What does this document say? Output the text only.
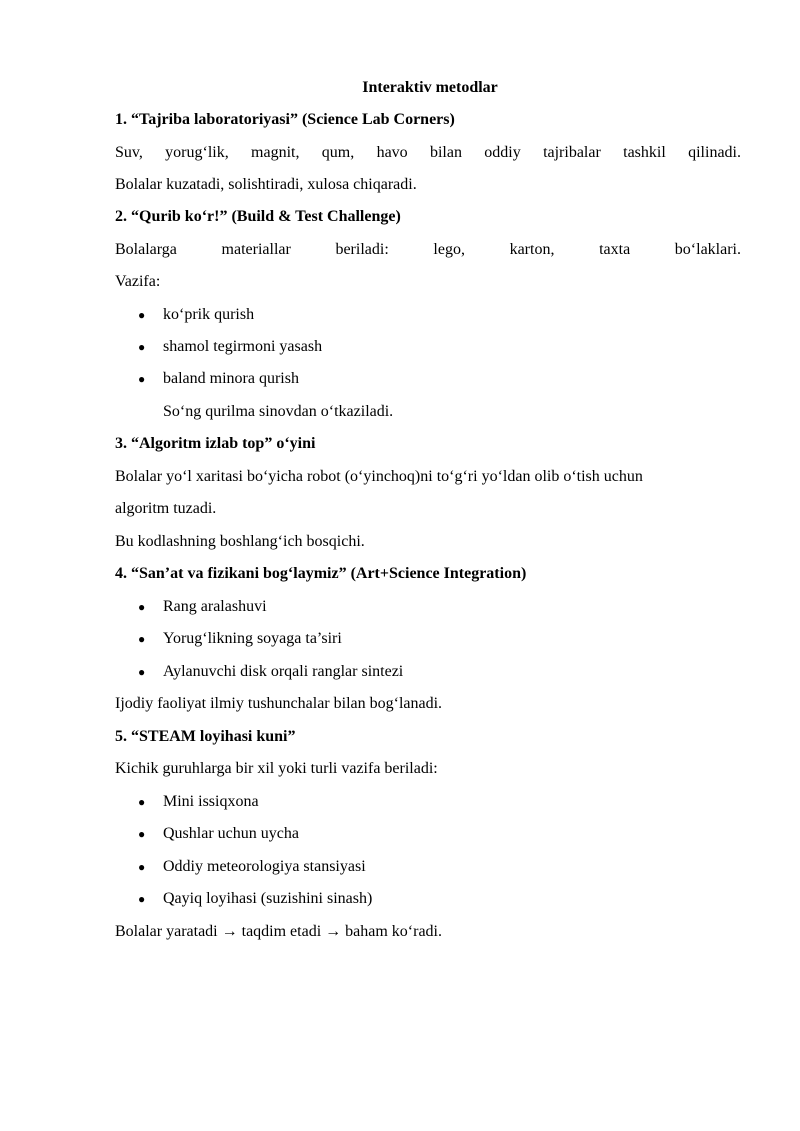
Interaktiv metodlar
1. “Tajriba laboratoriyasi” (Science Lab Corners)
Suv, yorug‘lik, magnit, qum, havo bilan oddiy tajribalar tashkil qilinadi.
Bolalar kuzatadi, solishtiradi, xulosa chiqaradi.
2. “Qurib ko‘r!” (Build & Test Challenge)
Bolalarga materiallar beriladi: lego, karton, taxta bo‘laklari.
Vazifa:
● ko‘prik qurish
● shamol tegirmoni yasash
● baland minora qurish
So‘ng qurilma sinovdan o‘tkaziladi.
3. “Algoritm izlab top” o‘yini
Bolalar yo‘l xaritasi bo‘yicha robot (o‘yinchoq)ni to‘g‘ri yo‘ldan olib o‘tish uchun
algoritm tuzadi.
Bu kodlashning boshlang‘ich bosqichi.
4. “San’at va fizikani bog‘laymiz” (Art+Science Integration)
● Rang aralashuvi
● Yorug‘likning soyaga ta’siri
● Aylanuvchi disk orqali ranglar sintezi
Ijodiy faoliyat ilmiy tushunchalar bilan bog‘lanadi.
5. “STEAM loyihasi kuni”
Kichik guruhlarga bir xil yoki turli vazifa beriladi:
● Mini issiqxona
● Qushlar uchun uycha
● Oddiy meteorologiya stansiyasi
● Qayiq loyihasi (suzishini sinash)
Bolalar yaratadi → taqdim etadi → baham ko‘radi.
